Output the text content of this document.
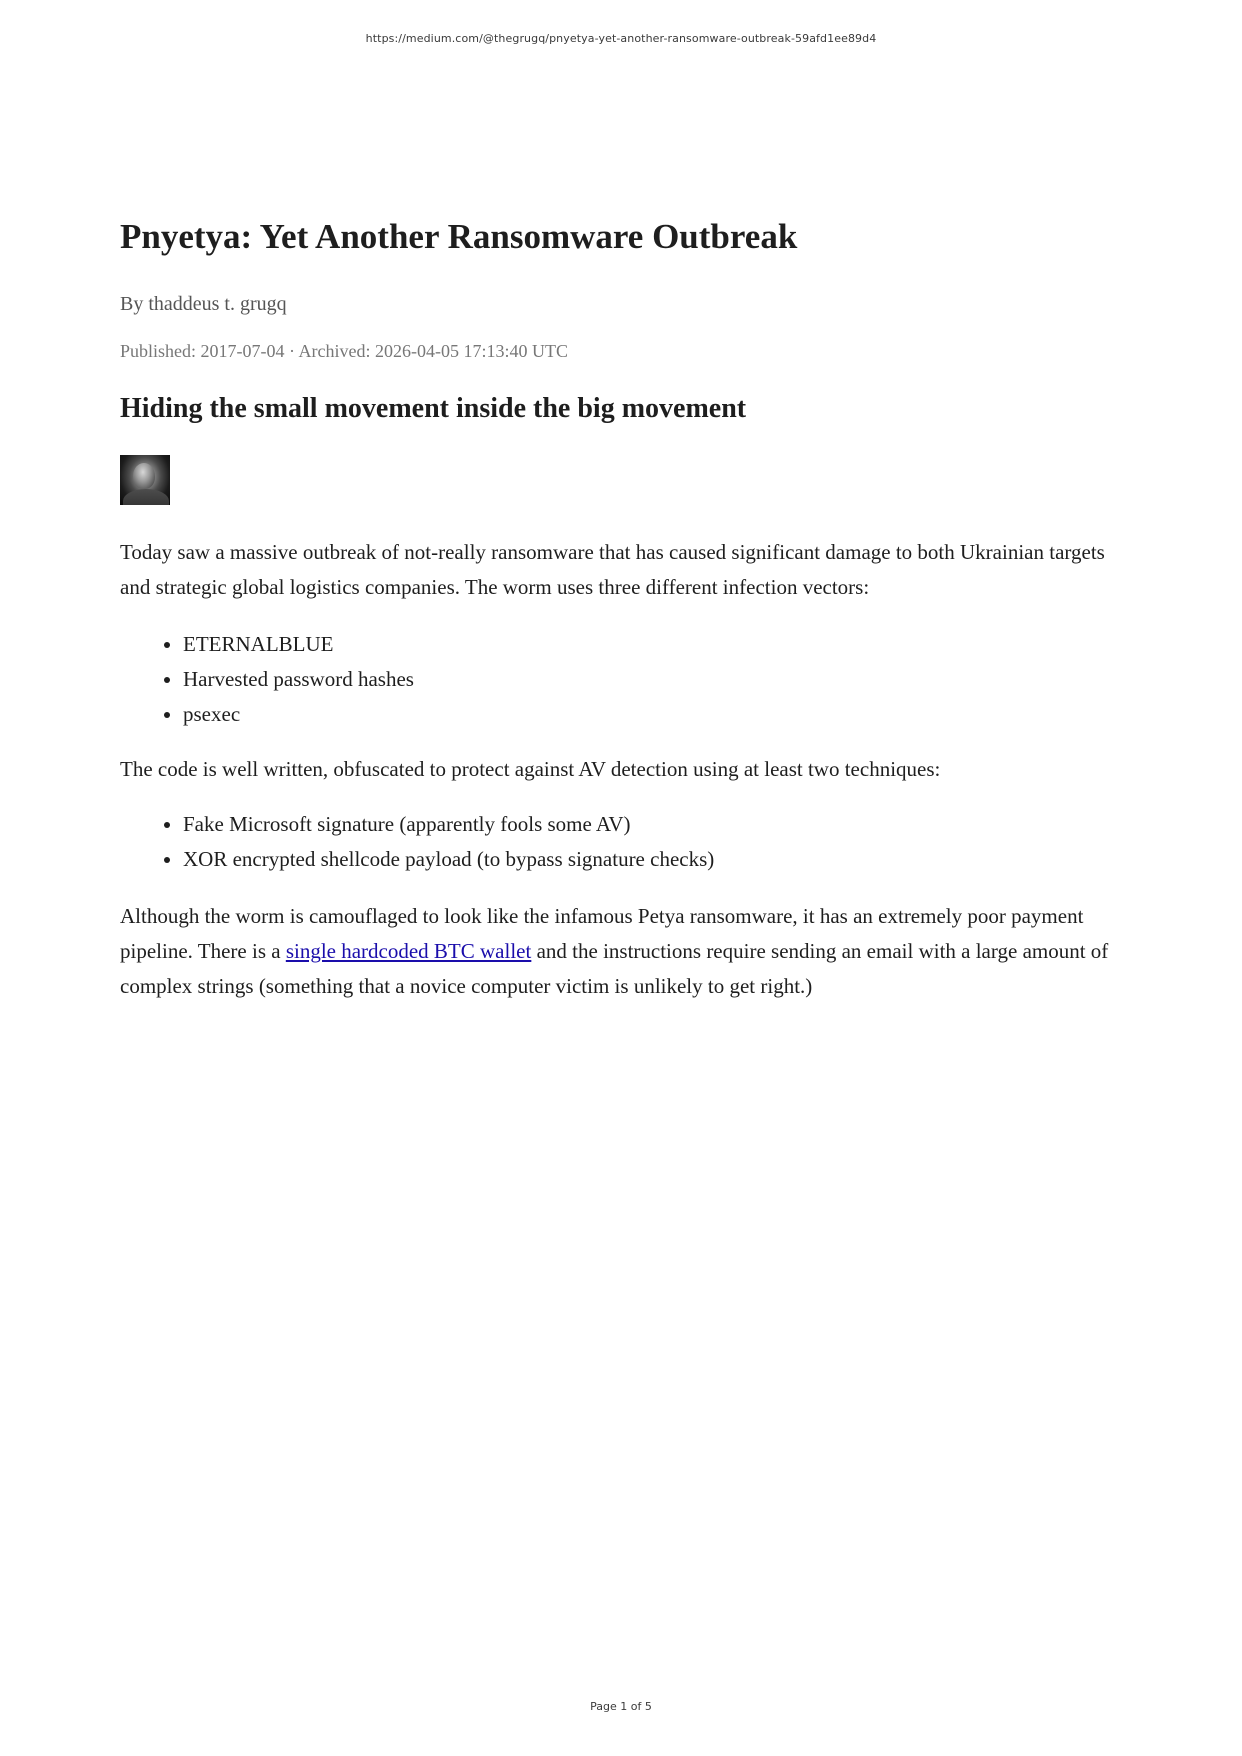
https://medium.com/@thegrugq/pnyetya-yet-another-ransomware-outbreak-59afd1ee89d4
Pnyetya: Yet Another Ransomware Outbreak
By thaddeus t. grugq
Published: 2017-07-04 · Archived: 2026-04-05 17:13:40 UTC
Hiding the small movement inside the big movement

Today saw a massive outbreak of not-really ransomware that has caused significant damage to both Ukrainian targets and strategic global logistics companies. The worm uses three different infection vectors:

• ETERNALBLUE
• Harvested password hashes
• psexec

The code is well written, obfuscated to protect against AV detection using at least two techniques:

• Fake Microsoft signature (apparently fools some AV)
• XOR encrypted shellcode payload (to bypass signature checks)

Although the worm is camouflaged to look like the infamous Petya ransomware, it has an extremely poor payment pipeline. There is a single hardcoded BTC wallet and the instructions require sending an email with a large amount of complex strings (something that a novice computer victim is unlikely to get right.)

Page 1 of 5
